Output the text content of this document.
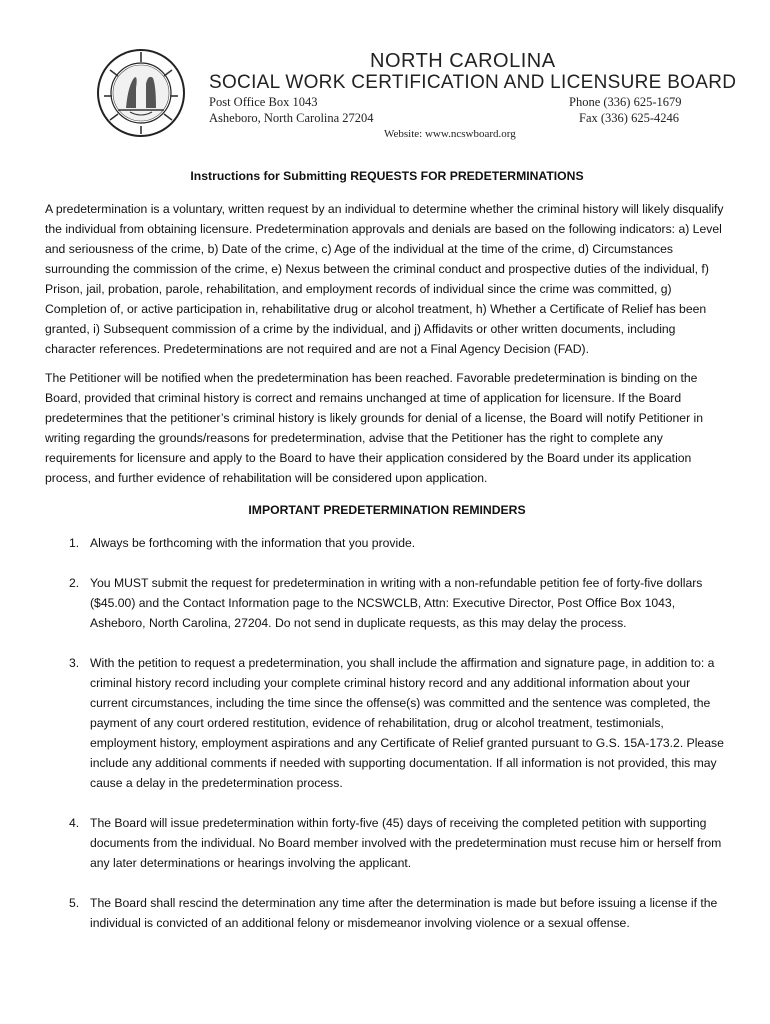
NORTH CAROLINA
SOCIAL WORK CERTIFICATION AND LICENSURE BOARD
Post Office Box 1043
Asheboro, North Carolina 27204
Phone (336) 625-1679
Fax (336) 625-4246
Website: www.ncswboard.org
Instructions for Submitting REQUESTS FOR PREDETERMINATIONS

A predetermination is a voluntary, written request by an individual to determine whether the criminal history will likely disqualify the individual from obtaining licensure. Predetermination approvals and denials are based on the following indicators: a) Level and seriousness of the crime, b) Date of the crime, c) Age of the individual at the time of the crime, d) Circumstances surrounding the commission of the crime, e) Nexus between the criminal conduct and prospective duties of the individual, f) Prison, jail, probation, parole, rehabilitation, and employment records of individual since the crime was committed, g) Completion of, or active participation in, rehabilitative drug or alcohol treatment, h) Whether a Certificate of Relief has been granted, i) Subsequent commission of a crime by the individual, and j) Affidavits or other written documents, including character references. Predeterminations are not required and are not a Final Agency Decision (FAD).

The Petitioner will be notified when the predetermination has been reached. Favorable predetermination is binding on the Board, provided that criminal history is correct and remains unchanged at time of application for licensure. If the Board predetermines that the petitioner’s criminal history is likely grounds for denial of a license, the Board will notify Petitioner in writing regarding the grounds/reasons for predetermination, advise that the Petitioner has the right to complete any requirements for licensure and apply to the Board to have their application considered by the Board under its application process, and further evidence of rehabilitation will be considered upon application.

IMPORTANT PREDETERMINATION REMINDERS
1. Always be forthcoming with the information that you provide.
2. You MUST submit the request for predetermination in writing with a non-refundable petition fee of forty-five dollars ($45.00) and the Contact Information page to the NCSWCLB, Attn: Executive Director, Post Office Box 1043, Asheboro, North Carolina, 27204. Do not send in duplicate requests, as this may delay the process.
3. With the petition to request a predetermination, you shall include the affirmation and signature page, in addition to: a criminal history record including your complete criminal history record and any additional information about your current circumstances, including the time since the offense(s) was committed and the sentence was completed, the payment of any court ordered restitution, evidence of rehabilitation, drug or alcohol treatment, testimonials, employment history, employment aspirations and any Certificate of Relief granted pursuant to G.S. 15A-173.2. Please include any additional comments if needed with supporting documentation. If all information is not provided, this may cause a delay in the predetermination process.
4. The Board will issue predetermination within forty-five (45) days of receiving the completed petition with supporting documents from the individual. No Board member involved with the predetermination must recuse him or herself from any later determinations or hearings involving the applicant.
5. The Board shall rescind the determination any time after the determination is made but before issuing a license if the individual is convicted of an additional felony or misdemeanor involving violence or a sexual offense.
